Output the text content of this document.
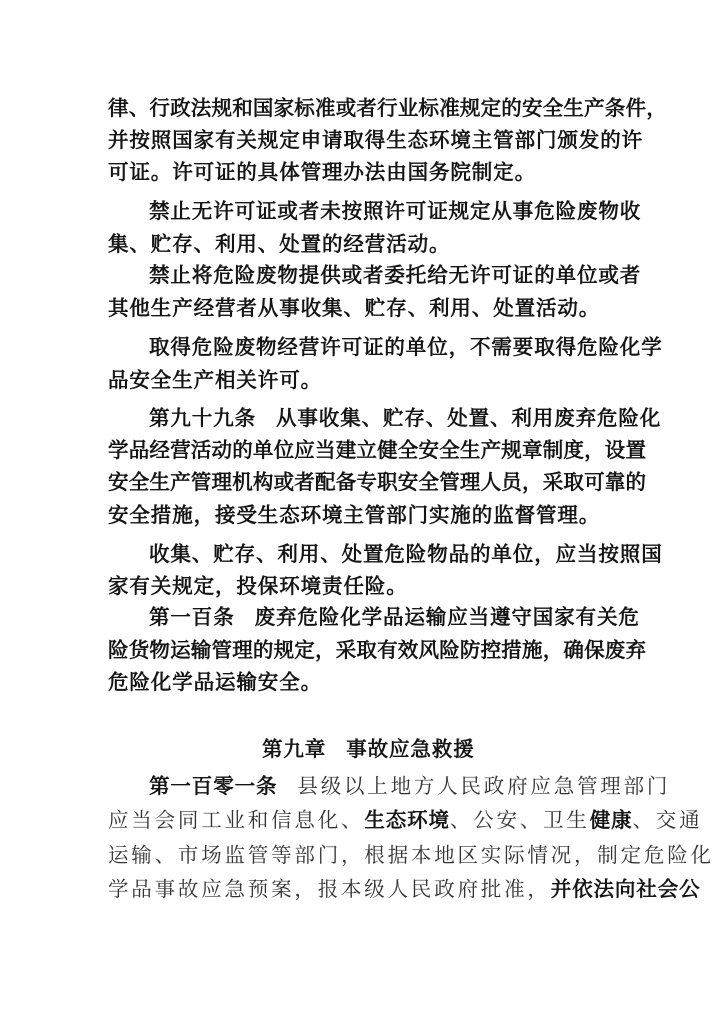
律、行政法规和国家标准或者行业标准规定的安全生产条件，
并按照国家有关规定申请取得生态环境主管部门颁发的许
可证。许可证的具体管理办法由国务院制定。
禁止无许可证或者未按照许可证规定从事危险废物收
集、贮存、利用、处置的经营活动。
禁止将危险废物提供或者委托给无许可证的单位或者
其他生产经营者从事收集、贮存、利用、处置活动。
取得危险废物经营许可证的单位，不需要取得危险化学
品安全生产相关许可。
第九十九条 从事收集、贮存、处置、利用废弃危险化
学品经营活动的单位应当建立健全安全生产规章制度，设置
安全生产管理机构或者配备专职安全管理人员，采取可靠的
安全措施，接受生态环境主管部门实施的监督管理。
收集、贮存、利用、处置危险物品的单位，应当按照国
家有关规定，投保环境责任险。
第一百条 废弃危险化学品运输应当遵守国家有关危
险货物运输管理的规定，采取有效风险防控措施，确保废弃
危险化学品运输安全。
第九章 事故应急救援
第一百零一条 县级以上地方人民政府应急管理部门
应当会同工业和信息化、生态环境、公安、卫生健康、交通
运输、市场监管等部门，根据本地区实际情况，制定危险化
学品事故应急预案，报本级人民政府批准，并依法向社会公
